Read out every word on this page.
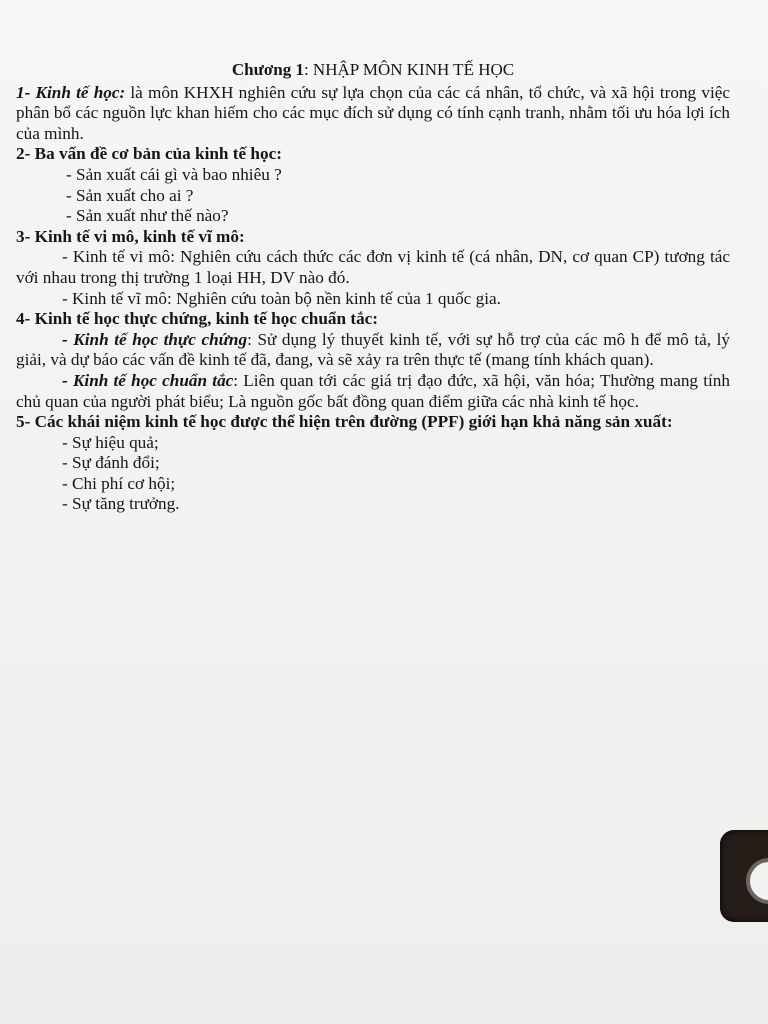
Chương 1: NHẬP MÔN KINH TẾ HỌC

1- Kinh tế học: là môn KHXH nghiên cứu sự lựa chọn của các cá nhân, tổ chức, và xã hội trong việc phân bổ các nguồn lực khan hiếm cho các mục đích sử dụng có tính cạnh tranh, nhằm tối ưu hóa lợi ích của mình.

2- Ba vấn đề cơ bản của kinh tế học:

- Sản xuất cái gì và bao nhiêu ?

- Sản xuất cho ai ?

- Sản xuất như thế nào?

3- Kinh tế vi mô, kinh tế vĩ mô:

- Kinh tế vi mô: Nghiên cứu cách thức các đơn vị kinh tế (cá nhân, DN, cơ quan CP) tương tác với nhau trong thị trường 1 loại HH, DV nào đó.

- Kinh tế vĩ mô: Nghiên cứu toàn bộ nền kinh tế của 1 quốc gia.

4- Kinh tế học thực chứng, kinh tế học chuẩn tắc:

- Kinh tế học thực chứng: Sử dụng lý thuyết kinh tế, với sự hỗ trợ của các mô h để mô tả, lý giải, và dự báo các vấn đề kinh tế đã, đang, và sẽ xảy ra trên thực tế (mang tính khách quan).

- Kinh tế học chuẩn tắc: Liên quan tới các giá trị đạo đức, xã hội, văn hóa; Thường mang tính chủ quan của người phát biểu; Là nguồn gốc bất đồng quan điểm giữa các nhà kinh tế học.

5- Các khái niệm kinh tế học được thể hiện trên đường (PPF) giới hạn khả năng sản xuất:

- Sự hiệu quả;

- Sự đánh đổi;

- Chi phí cơ hội;

- Sự tăng trưởng.
